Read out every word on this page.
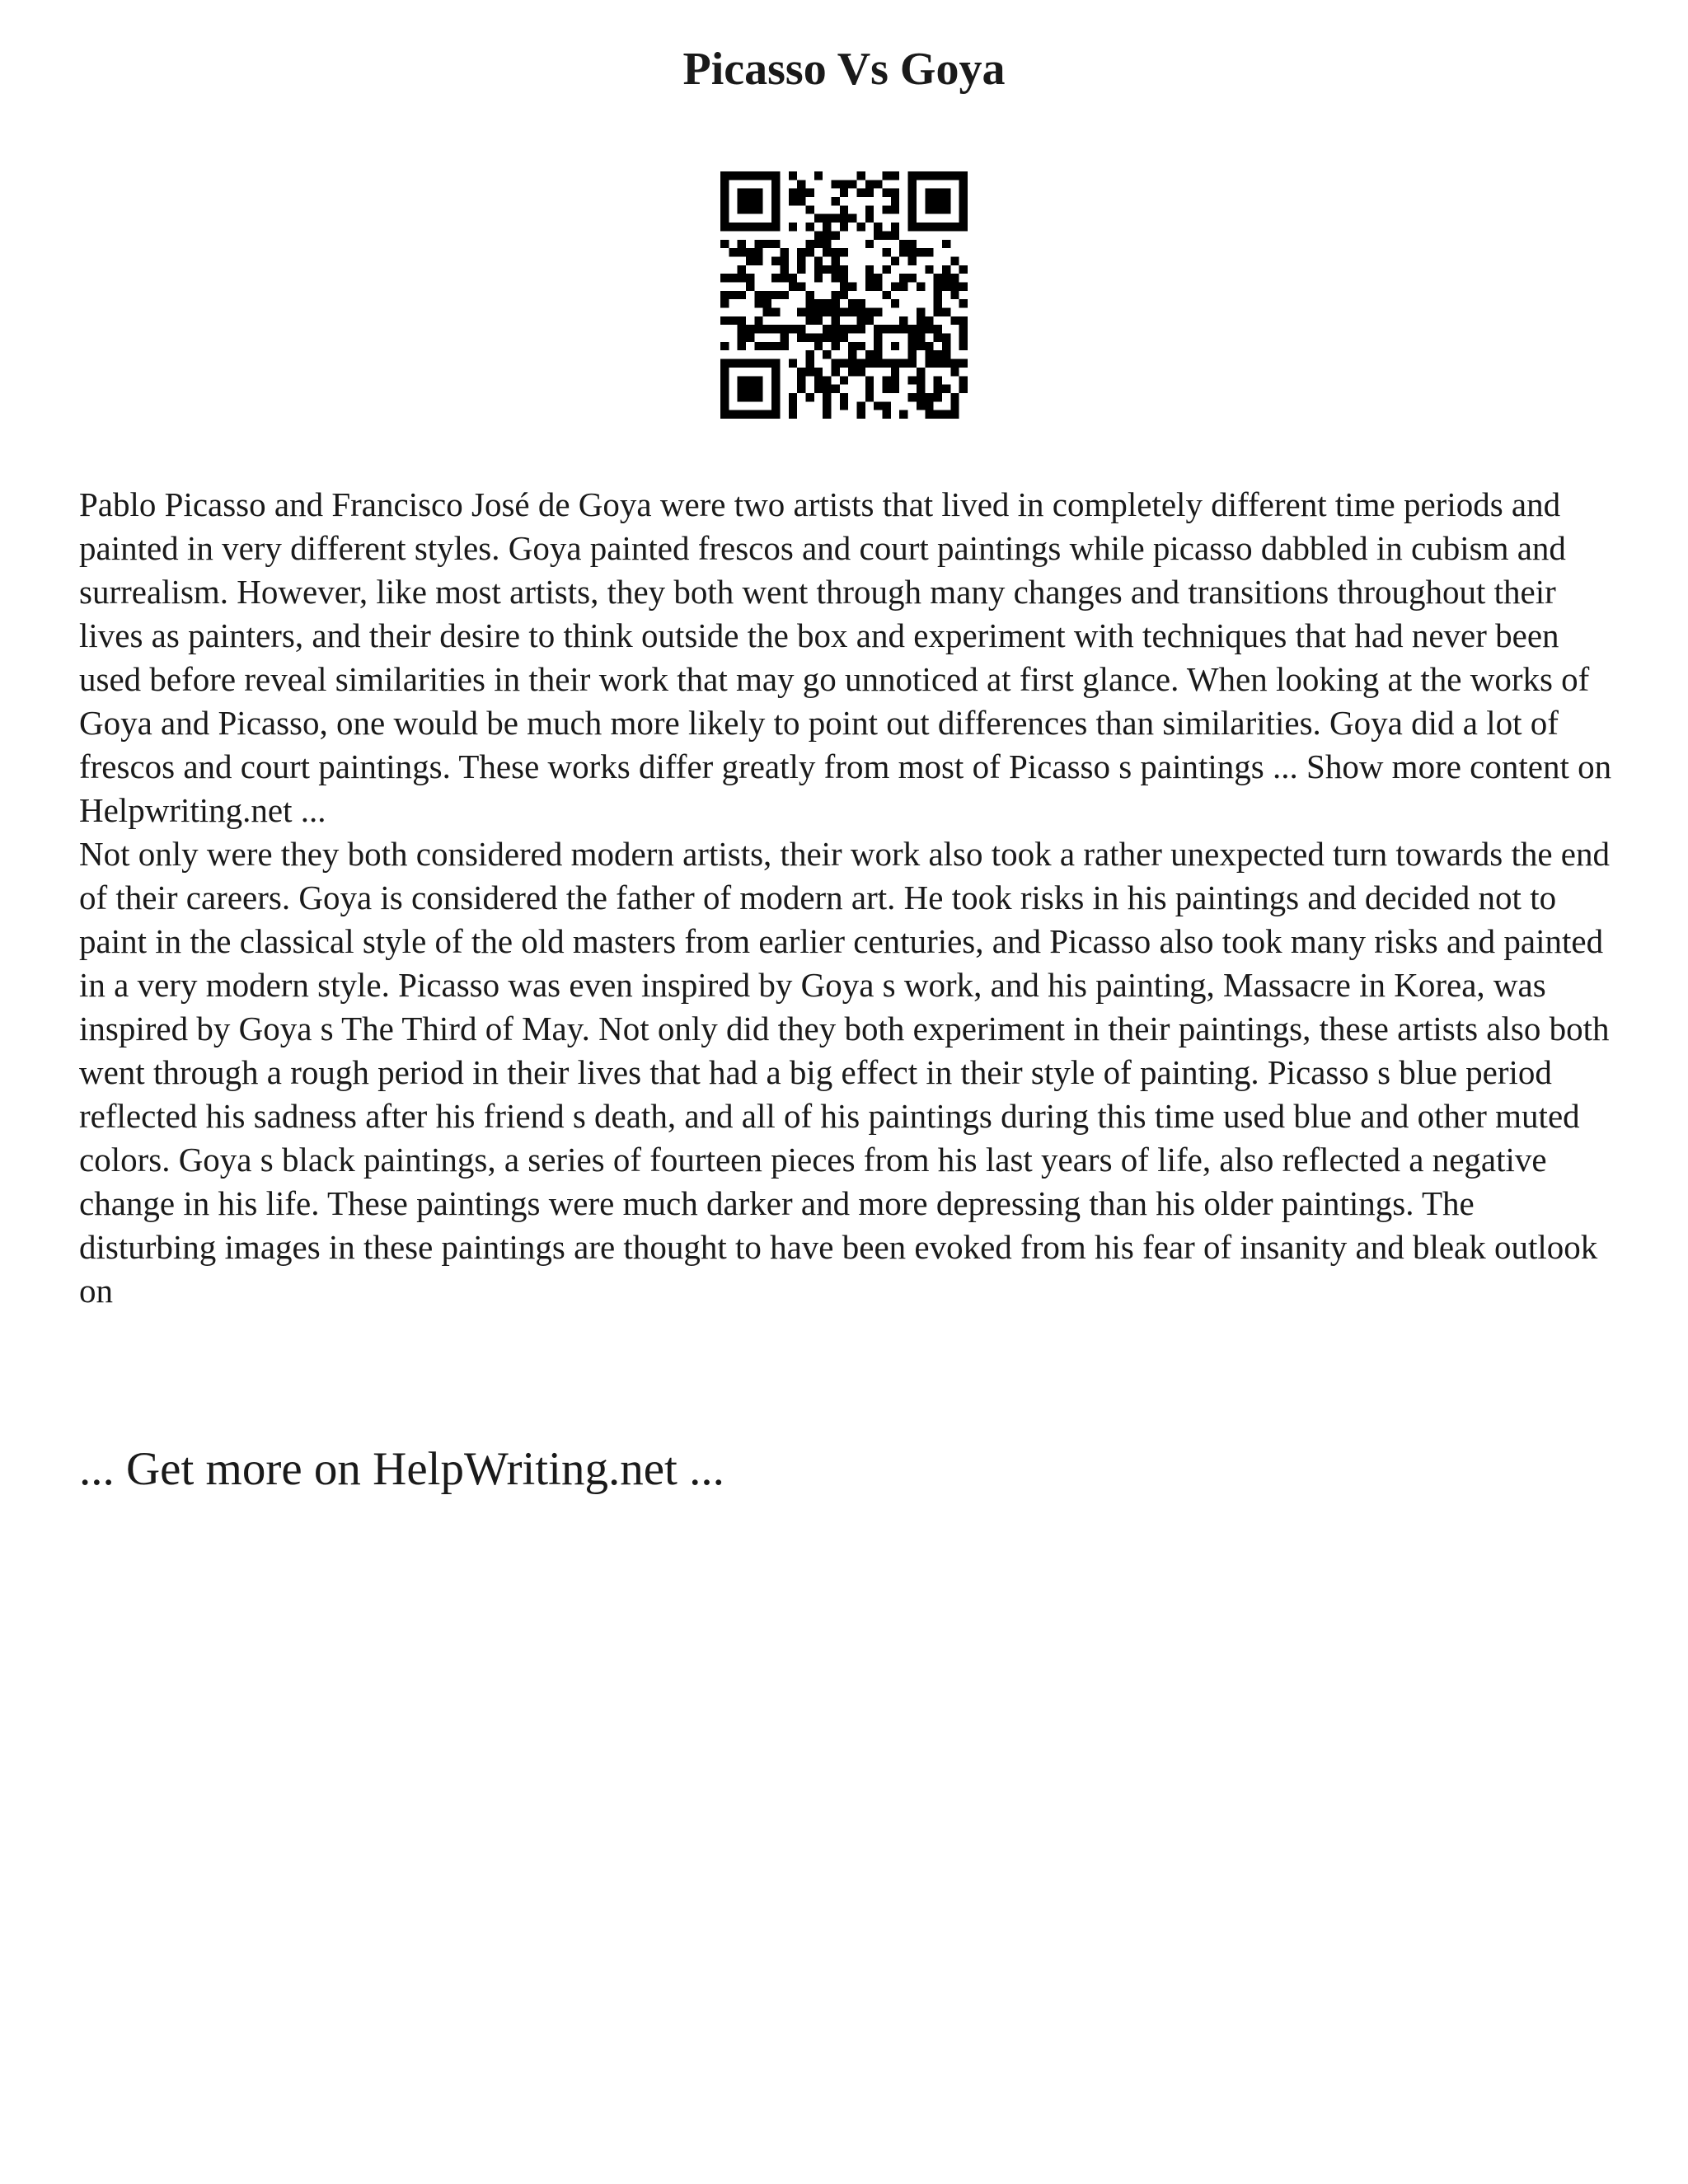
Picasso Vs Goya

Pablo Picasso and Francisco José de Goya were two artists that lived in completely different time periods and painted in very different styles. Goya painted frescos and court paintings while picasso dabbled in cubism and surrealism. However, like most artists, they both went through many changes and transitions throughout their lives as painters, and their desire to think outside the box and experiment with techniques that had never been used before reveal similarities in their work that may go unnoticed at first glance. When looking at the works of Goya and Picasso, one would be much more likely to point out differences than similarities. Goya did a lot of frescos and court paintings. These works differ greatly from most of Picasso s paintings ... Show more content on Helpwriting.net ...

Not only were they both considered modern artists, their work also took a rather unexpected turn towards the end of their careers. Goya is considered the father of modern art. He took risks in his paintings and decided not to paint in the classical style of the old masters from earlier centuries, and Picasso also took many risks and painted in a very modern style. Picasso was even inspired by Goya s work, and his painting, Massacre in Korea, was inspired by Goya s The Third of May. Not only did they both experiment in their paintings, these artists also both went through a rough period in their lives that had a big effect in their style of painting. Picasso s blue period reflected his sadness after his friend s death, and all of his paintings during this time used blue and other muted colors. Goya s black paintings, a series of fourteen pieces from his last years of life, also reflected a negative change in his life. These paintings were much darker and more depressing than his older paintings. The disturbing images in these paintings are thought to have been evoked from his fear of insanity and bleak outlook on

... Get more on HelpWriting.net ...
